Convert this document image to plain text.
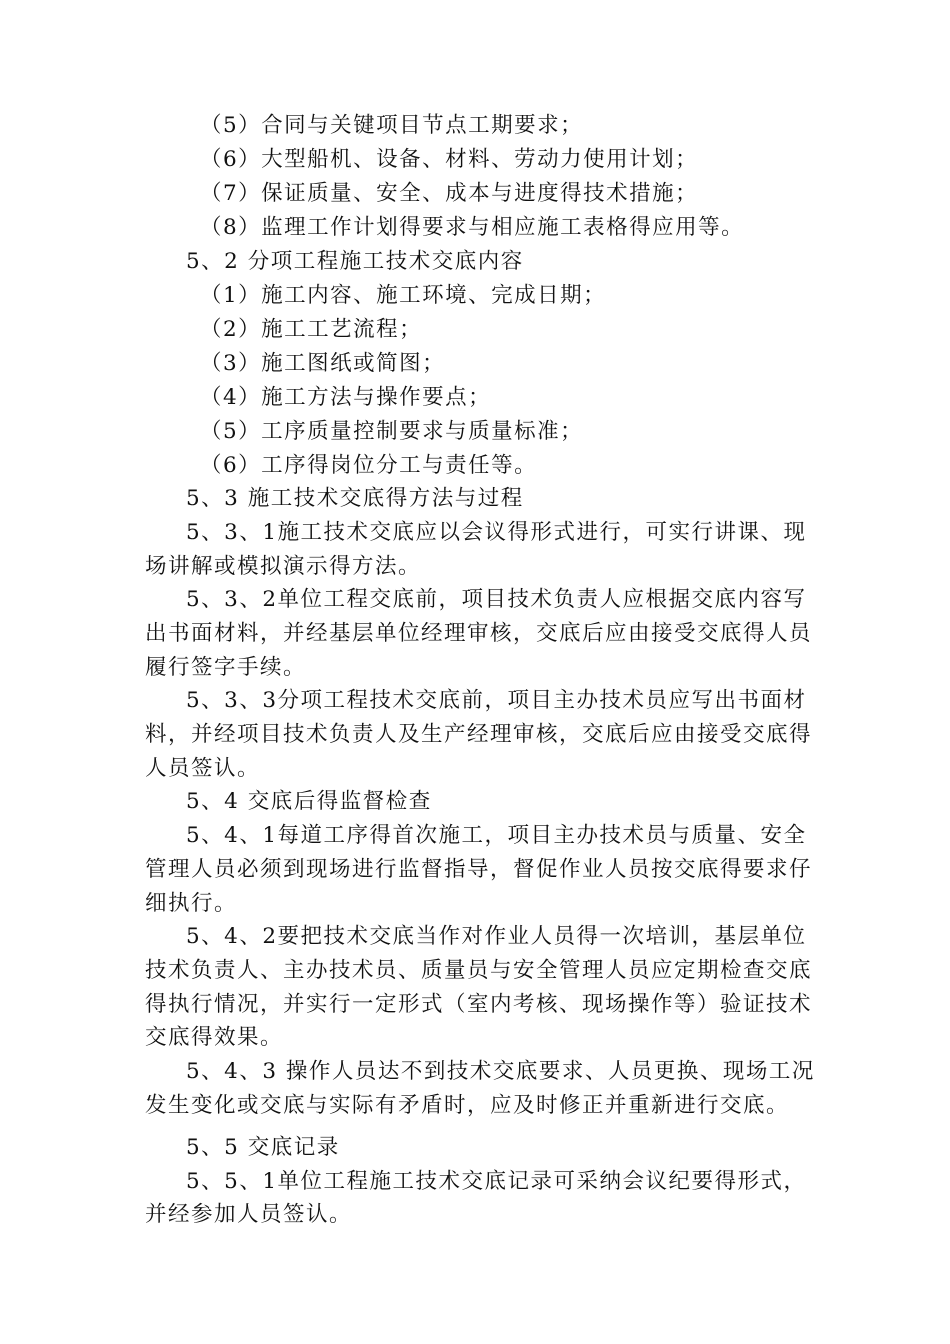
（5）合同与关键项目节点工期要求；
（6）大型船机、设备、材料、劳动力使用计划；
（7）保证质量、安全、成本与进度得技术措施；
（8）监理工作计划得要求与相应施工表格得应用等。
5、2 分项工程施工技术交底内容
（1）施工内容、施工环境、完成日期；
（2）施工工艺流程；
（3）施工图纸或简图；
（4）施工方法与操作要点；
（5）工序质量控制要求与质量标准；
（6）工序得岗位分工与责任等。
5、3 施工技术交底得方法与过程
5、3、1施工技术交底应以会议得形式进行，可实行讲课、现
场讲解或模拟演示得方法。
5、3、2单位工程交底前，项目技术负责人应根据交底内容写
出书面材料，并经基层单位经理审核，交底后应由接受交底得人员
履行签字手续。
5、3、3分项工程技术交底前，项目主办技术员应写出书面材
料，并经项目技术负责人及生产经理审核，交底后应由接受交底得
人员签认。
5、4 交底后得监督检查
5、4、1每道工序得首次施工，项目主办技术员与质量、安全
管理人员必须到现场进行监督指导，督促作业人员按交底得要求仔
细执行。
5、4、2要把技术交底当作对作业人员得一次培训，基层单位
技术负责人、主办技术员、质量员与安全管理人员应定期检查交底
得执行情况，并实行一定形式（室内考核、现场操作等）验证技术
交底得效果。
5、4、3 操作人员达不到技术交底要求、人员更换、现场工况
发生变化或交底与实际有矛盾时，应及时修正并重新进行交底。
5、5 交底记录
5、5、1单位工程施工技术交底记录可采纳会议纪要得形式，
并经参加人员签认。
